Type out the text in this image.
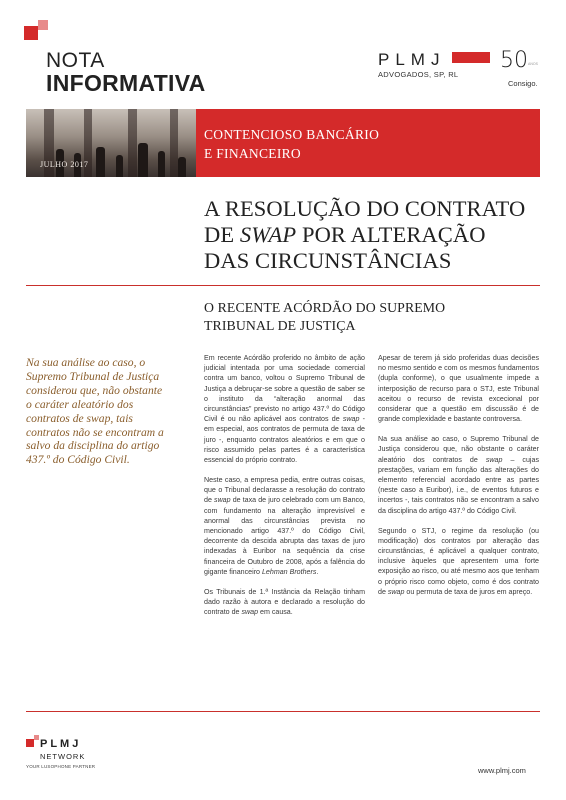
NOTA
INFORMATIVA
PLMJ
ADVOGADOS, SP, RL
50 ANOS
Consigo.
JULHO 2017
CONTENCIOSO BANCÁRIO
E FINANCEIRO
A RESOLUÇÃO DO CONTRATO
DE SWAP POR ALTERAÇÃO
DAS CIRCUNSTÂNCIAS
O RECENTE ACÓRDÃO DO SUPREMO
TRIBUNAL DE JUSTIÇA
Na sua análise ao caso, o Supremo Tribunal de Justiça considerou que, não obstante o caráter aleatório dos contratos de swap, tais contratos não se encontram a salvo da disciplina do artigo 437.º do Código Civil.

Em recente Acórdão proferido no âmbito de ação judicial intentada por uma sociedade comercial contra um banco, voltou o Supremo Tribunal de Justiça a debruçar-se sobre a questão de saber se o instituto da “alteração anormal das circunstâncias” previsto no artigo 437.º do Código Civil é ou não aplicável aos contratos de swap - em especial, aos contratos de permuta de taxa de juro -, enquanto contratos aleatórios e em que o risco assumido pelas partes é a característica essencial do próprio contrato.

Neste caso, a empresa pedia, entre outras coisas, que o Tribunal declarasse a resolução do contrato de swap de taxa de juro celebrado com um Banco, com fundamento na alteração imprevisível e anormal das circunstâncias prevista no mencionado artigo 437.º do Código Civil, decorrente da descida abrupta das taxas de juro indexadas à Euribor na sequência da crise financeira de Outubro de 2008, após a falência do gigante financeiro Lehman Brothers.

Os Tribunais de 1.ª Instância da Relação tinham dado razão à autora e declarado a resolução do contrato de swap em causa.

Apesar de terem já sido proferidas duas decisões no mesmo sentido e com os mesmos fundamentos (dupla conforme), o que usualmente impede a interposição de recurso para o STJ, este Tribunal aceitou o recurso de revista excecional por considerar que a questão em discussão é de grande complexidade e bastante controversa.

Na sua análise ao caso, o Supremo Tribunal de Justiça considerou que, não obstante o caráter aleatório dos contratos de swap – cujas prestações, variam em função das alterações do elemento referencial acordado entre as partes (neste caso a Euribor), i.e., de eventos futuros e incertos -, tais contratos não se encontram a salvo da disciplina do artigo 437.º do Código Civil.

Segundo o STJ, o regime da resolução (ou modificação) dos contratos por alteração das circunstâncias, é aplicável a qualquer contrato, inclusive àqueles que apresentem uma forte exposição ao risco, ou até mesmo aos que tenham o próprio risco como objeto, como é dos contrato de swap ou permuta de taxa de juros em apreço.

PLMJ
NETWORK
YOUR LUSOPHONE PARTNER	www.plmj.com
